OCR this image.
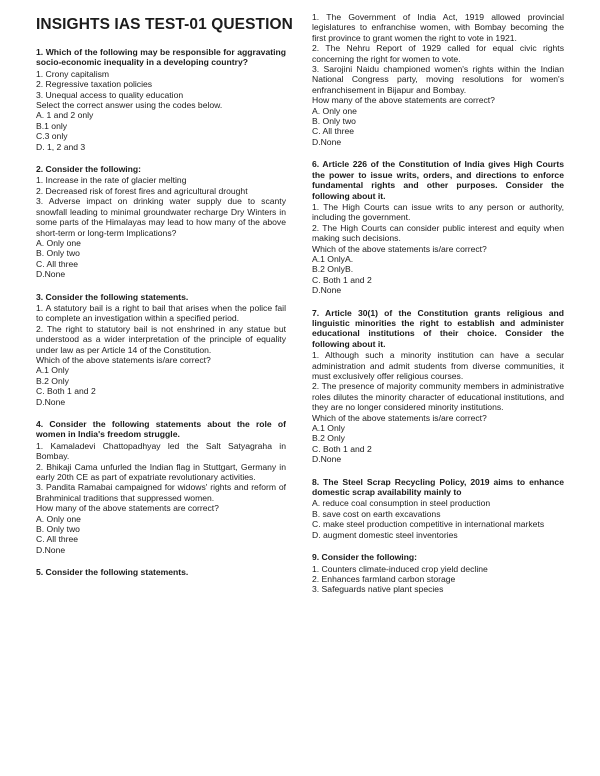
INSIGHTS IAS TEST-01 QUESTION
1. Which of the following may be responsible for aggravating socio-economic inequality in a developing country?
1. Crony capitalism
2. Regressive taxation policies
3. Unequal access to quality education
Select the correct answer using the codes below.
A. 1 and 2 only
B.1 only
C.3 only
D. 1, 2 and 3
2. Consider the following:
1. Increase in the rate of glacier melting
2. Decreased risk of forest fires and agricultural drought
3. Adverse impact on drinking water supply due to scanty snowfall leading to minimal groundwater recharge Dry Winters in some parts of the Himalayas may lead to how many of the above short-term or long-term Implications?
A. Only one
B. Only two
C. All three
D.None
3. Consider the following statements.
1. A statutory bail is a right to bail that arises when the police fail to complete an investigation within a specified period.
2. The right to statutory bail is not enshrined in any statue but understood as a wider interpretation of the principle of equality under law as per Article 14 of the Constitution.
Which of the above statements is/are correct?
A.1 Only
B.2 Only
C. Both 1 and 2
D.None
4. Consider the following statements about the role of women in India's freedom struggle.
1. Kamaladevi Chattopadhyay led the Salt Satyagraha in Bombay.
2. Bhikaji Cama unfurled the Indian flag in Stuttgart, Germany in early 20th CE as part of expatriate revolutionary activities.
3. Pandita Ramabai campaigned for widows' rights and reform of Brahminical traditions that suppressed women.
How many of the above statements are correct?
A. Only one
B. Only two
C. All three
D.None
5. Consider the following statements.
1. The Government of India Act, 1919 allowed provincial legislatures to enfranchise women, with Bombay becoming the first province to grant women the right to vote in 1921.
2. The Nehru Report of 1929 called for equal civic rights concerning the right for women to vote.
3. Sarojini Naidu championed women's rights within the Indian National Congress party, moving resolutions for women's enfranchisement in Bijapur and Bombay.
How many of the above statements are correct?
A. Only one
B. Only two
C. All three
D.None
6. Article 226 of the Constitution of India gives High Courts the power to issue writs, orders, and directions to enforce fundamental rights and other purposes. Consider the following about it.
1. The High Courts can issue writs to any person or authority, including the government.
2. The High Courts can consider public interest and equity when making such decisions.
Which of the above statements is/are correct?
A.1 OnlyA.
B.2 OnlyB.
C. Both 1 and 2
D.None
7. Article 30(1) of the Constitution grants religious and linguistic minorities the right to establish and administer educational institutions of their choice. Consider the following about it.
1. Although such a minority institution can have a secular administration and admit students from diverse communities, it must exclusively offer religious courses.
2. The presence of majority community members in administrative roles dilutes the minority character of educational institutions, and they are no longer considered minority institutions.
Which of the above statements is/are correct?
A.1 Only
B.2 Only
C. Both 1 and 2
D.None
8. The Steel Scrap Recycling Policy, 2019 aims to enhance domestic scrap availability mainly to
A. reduce coal consumption in steel production
B. save cost on earth excavations
C. make steel production competitive in international markets
D. augment domestic steel inventories
9. Consider the following:
1. Counters climate-induced crop yield decline
2. Enhances farmland carbon storage
3. Safeguards native plant species
